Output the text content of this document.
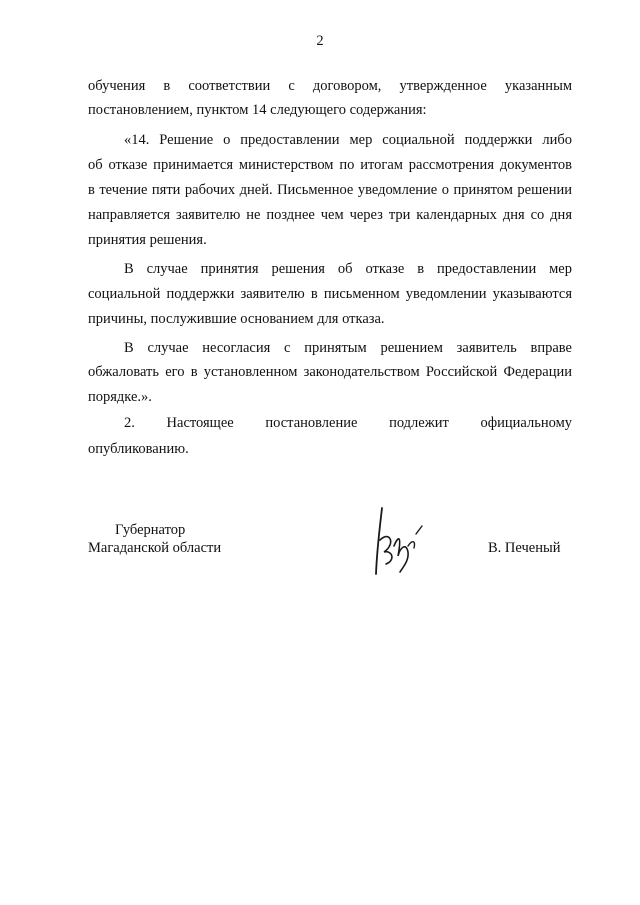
2
обучения в соответствии с договором, утвержденное указанным
постановлением, пунктом 14 следующего содержания:
«14. Решение о предоставлении мер социальной поддержки либо
об отказе принимается министерством по итогам рассмотрения документов
в течение пяти рабочих дней. Письменное уведомление о принятом решении
направляется заявителю не позднее чем через три календарных дня со дня
принятия решения.
В случае принятия решения об отказе в предоставлении мер
социальной поддержки заявителю в письменном уведомлении указываются
причины, послужившие основанием для отказа.
В случае несогласия с принятым решением заявитель вправе
обжаловать его в установленном законодательством Российской Федерации
порядке.».
2. Настоящее постановление подлежит официальному
опубликованию.
Губернатор
Магаданской области	В. Печеный
